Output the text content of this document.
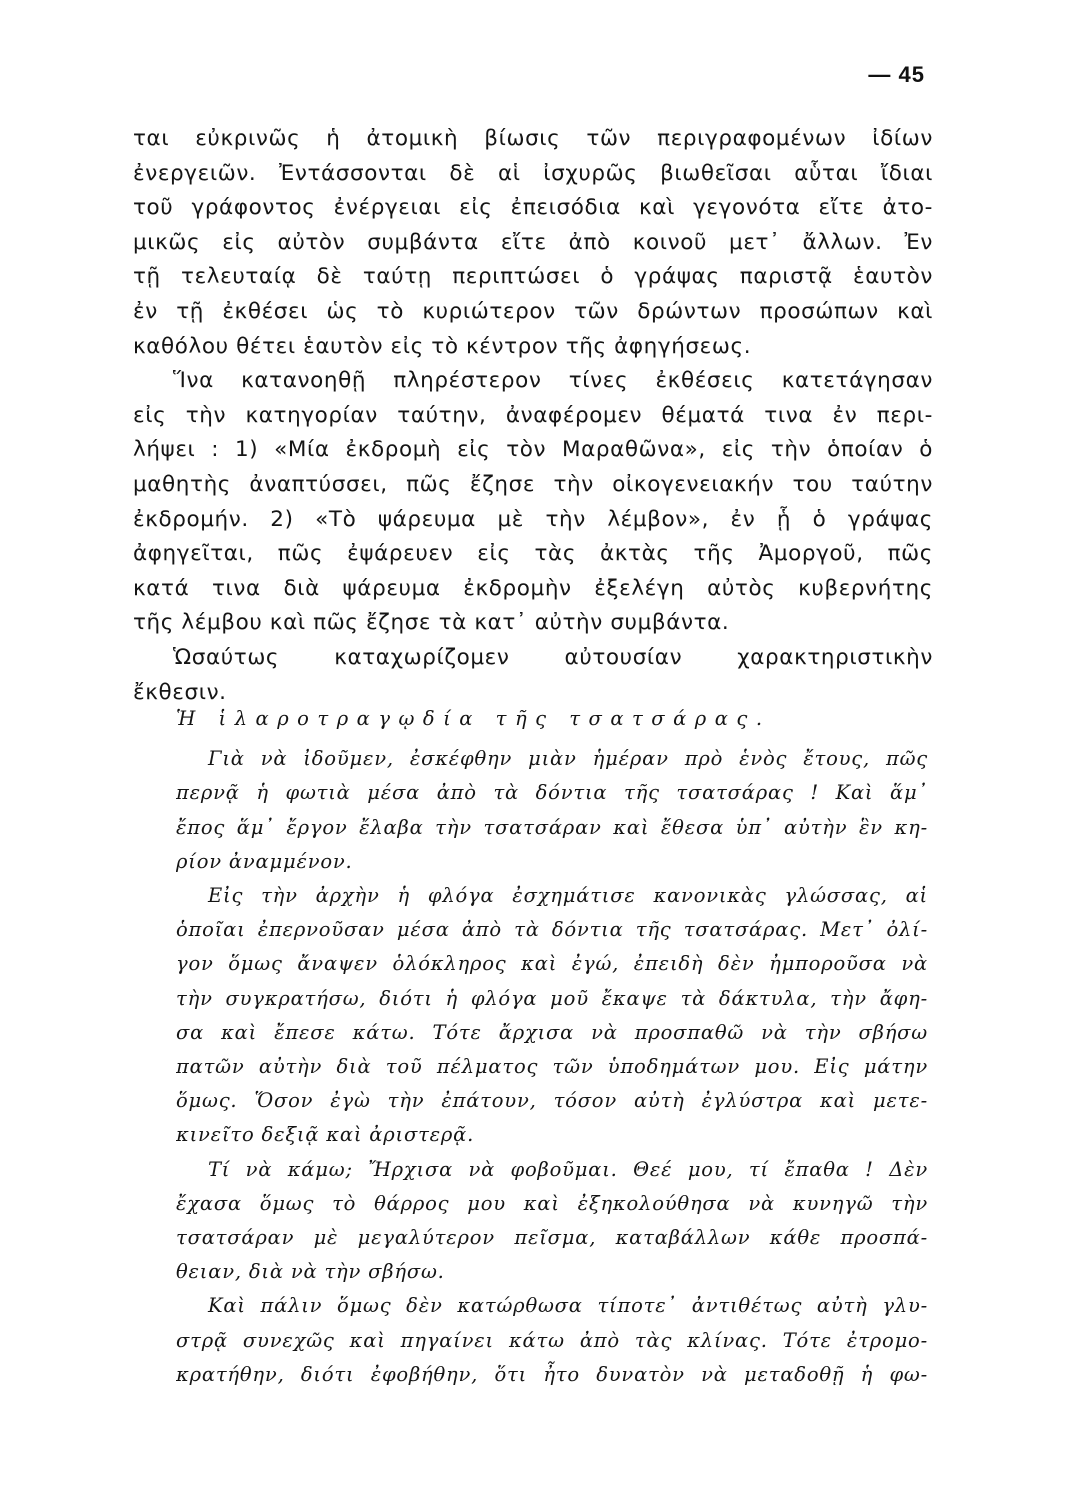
— 45
ται εὐκρινῶς ἡ ἀτομικὴ βίωσις τῶν περιγραφομένων ἰδίων
ἐνεργειῶν. Ἐντάσσονται δὲ αἱ ἰσχυρῶς βιωθεῖσαι αὗται ἴδιαι
τοῦ γράφοντος ἐνέργειαι εἰς ἐπεισόδια καὶ γεγονότα εἴτε ἀτο-
μικῶς εἰς αὐτὸν συμβάντα εἴτε ἀπὸ κοινοῦ μετ᾽ ἄλλων. Ἐν
τῇ τελευταίᾳ δὲ ταύτῃ περιπτώσει ὁ γράψας παριστᾷ ἑαυτὸν
ἐν τῇ ἐκθέσει ὡς τὸ κυριώτερον τῶν δρώντων προσώπων καὶ
καθόλου θέτει ἑαυτὸν εἰς τὸ κέντρον τῆς ἀφηγήσεως.
Ἵνα κατανοηθῇ πληρέστερον τίνες ἐκθέσεις κατετάγησαν
εἰς τὴν κατηγορίαν ταύτην, ἀναφέρομεν θέματά τινα ἐν περι-
λήψει : 1) «Μία ἐκδρομὴ εἰς τὸν Μαραθῶνα», εἰς τὴν ὁποίαν ὁ
μαθητὴς ἀναπτύσσει, πῶς ἔζησε τὴν οἰκογενειακήν του ταύτην
ἐκδρομήν. 2) «Τὸ ψάρευμα μὲ τὴν λέμβον», ἐν ᾗ ὁ γράψας
ἀφηγεῖται, πῶς ἐψάρευεν εἰς τὰς ἀκτὰς τῆς Ἀμοργοῦ, πῶς
κατά τινα διὰ ψάρευμα ἐκδρομὴν ἐξελέγη αὐτὸς κυβερνήτης
τῆς λέμβου καὶ πῶς ἔζησε τὰ κατ᾽ αὐτὴν συμβάντα.
Ὡσαύτως καταχωρίζομεν αὐτουσίαν χαρακτηριστικὴν
ἔκθεσιν.
Ἡ ἱλαροτραγῳδία τῆς τσατσάρας.
Γιὰ νὰ ἰδοῦμεν, ἐσκέφθην μιὰν ἡμέραν πρὸ ἑνὸς ἔτους, πῶς
περνᾷ ἡ φωτιὰ μέσα ἀπὸ τὰ δόντια τῆς τσατσάρας ! Καὶ ἅμ᾽
ἔπος ἅμ᾽ ἔργον ἔλαβα τὴν τσατσάραν καὶ ἔθεσα ὑπ᾽ αὐτὴν ἓν κη-
ρίον ἀναμμένον.
Εἰς τὴν ἀρχὴν ἡ φλόγα ἐσχημάτισε κανονικὰς γλώσσας, αἱ
ὁποῖαι ἐπερνοῦσαν μέσα ἀπὸ τὰ δόντια τῆς τσατσάρας. Μετ᾽ ὀλί-
γον ὅμως ἄναψεν ὁλόκληρος καὶ ἐγώ, ἐπειδὴ δὲν ἠμποροῦσα νὰ
τὴν συγκρατήσω, διότι ἡ φλόγα μοῦ ἔκαψε τὰ δάκτυλα, τὴν ἄφη-
σα καὶ ἔπεσε κάτω. Τότε ἄρχισα νὰ προσπαθῶ νὰ τὴν σβήσω
πατῶν αὐτὴν διὰ τοῦ πέλματος τῶν ὑποδημάτων μου. Εἰς μάτην
ὅμως. Ὅσον ἐγὼ τὴν ἐπάτουν, τόσον αὐτὴ ἐγλύστρα καὶ μετε-
κινεῖτο δεξιᾷ καὶ ἀριστερᾷ.
Τί νὰ κάμω; Ἤρχισα νὰ φοβοῦμαι. Θεέ μου, τί ἔπαθα ! Δὲν
ἔχασα ὅμως τὸ θάρρος μου καὶ ἐξηκολούθησα νὰ κυνηγῶ τὴν
τσατσάραν μὲ μεγαλύτερον πεῖσμα, καταβάλλων κάθε προσπά-
θειαν, διὰ νὰ τὴν σβήσω.
Καὶ πάλιν ὅμως δὲν κατώρθωσα τίποτε᾽ ἀντιθέτως αὐτὴ γλυ-
στρᾷ συνεχῶς καὶ πηγαίνει κάτω ἀπὸ τὰς κλίνας. Τότε ἐτρομο-
κρατήθην, διότι ἐφοβήθην, ὅτι ἦτο δυνατὸν νὰ μεταδοθῇ ἡ φω-
